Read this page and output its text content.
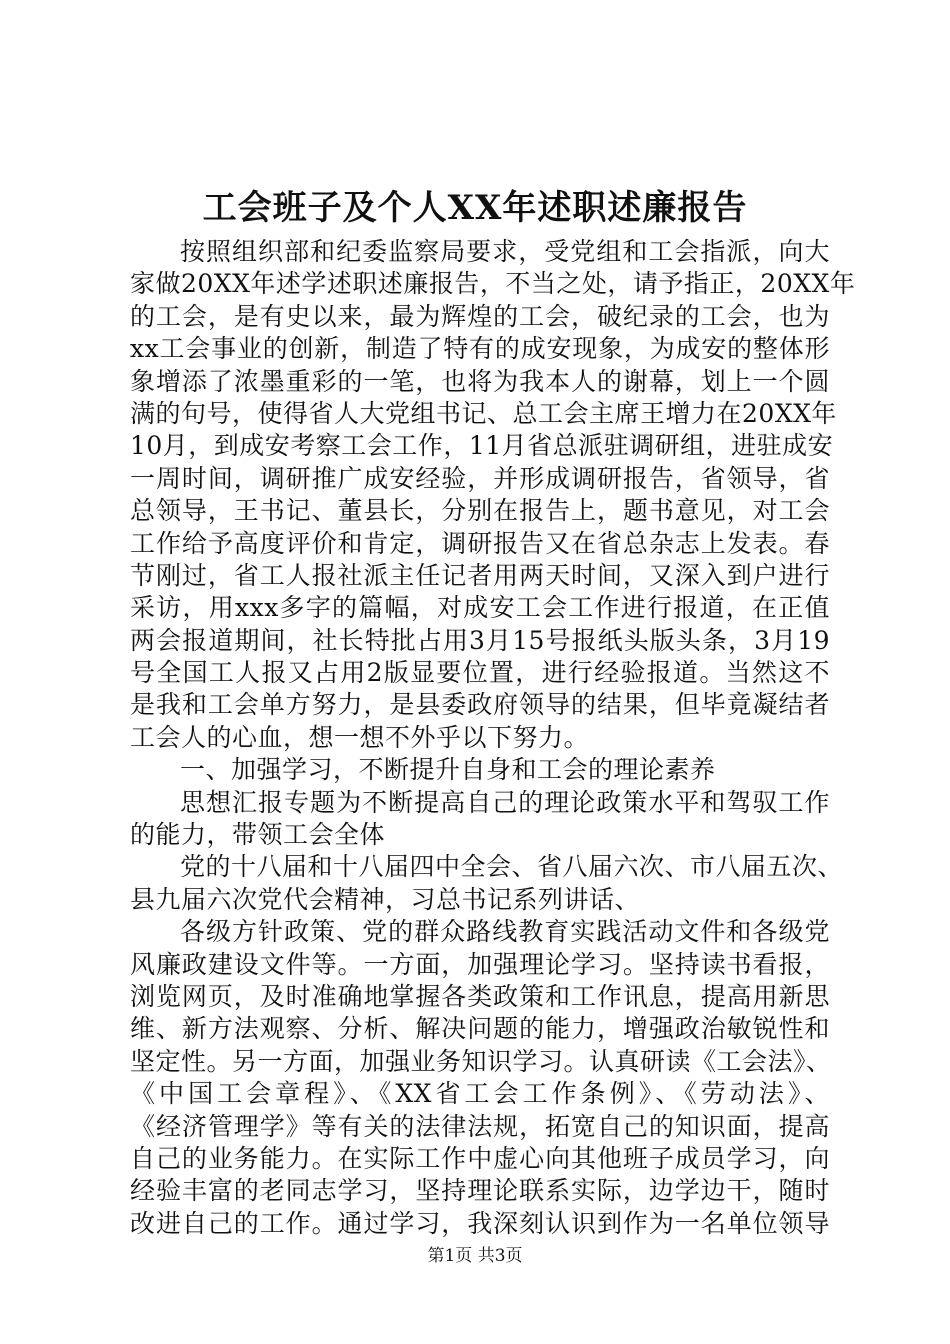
工会班子及个人XX年述职述廉报告
按照组织部和纪委监察局要求，受党组和工会指派，向大
家做20XX年述学述职述廉报告，不当之处，请予指正，20XX年
的工会，是有史以来，最为辉煌的工会，破纪录的工会，也为
xx工会事业的创新，制造了特有的成安现象，为成安的整体形
象增添了浓墨重彩的一笔，也将为我本人的谢幕，划上一个圆
满的句号，使得省人大党组书记、总工会主席王增力在20XX年
10月，到成安考察工会工作，11月省总派驻调研组，进驻成安
一周时间，调研推广成安经验，并形成调研报告，省领导，省
总领导，王书记、董县长，分别在报告上，题书意见，对工会
工作给予高度评价和肯定，调研报告又在省总杂志上发表。春
节刚过，省工人报社派主任记者用两天时间，又深入到户进行
采访，用xxx多字的篇幅，对成安工会工作进行报道，在正值
两会报道期间，社长特批占用3月15号报纸头版头条，3月19
号全国工人报又占用2版显要位置，进行经验报道。当然这不
是我和工会单方努力，是县委政府领导的结果，但毕竟凝结者
工会人的心血，想一想不外乎以下努力。
一、加强学习，不断提升自身和工会的理论素养
思想汇报专题为不断提高自己的理论政策水平和驾驭工作
的能力，带领工会全体
党的十八届和十八届四中全会、省八届六次、市八届五次、
县九届六次党代会精神，习总书记系列讲话、
各级方针政策、党的群众路线教育实践活动文件和各级党
风廉政建设文件等。一方面，加强理论学习。坚持读书看报，
浏览网页，及时准确地掌握各类政策和工作讯息，提高用新思
维、新方法观察、分析、解决问题的能力，增强政治敏锐性和
坚定性。另一方面，加强业务知识学习。认真研读《工会法》、
《中国工会章程》、《XX省工会工作条例》、《劳动法》、
《经济管理学》等有关的法律法规，拓宽自己的知识面，提高
自己的业务能力。在实际工作中虚心向其他班子成员学习，向
经验丰富的老同志学习，坚持理论联系实际，边学边干，随时
改进自己的工作。通过学习，我深刻认识到作为一名单位领导
第1页 共3页
